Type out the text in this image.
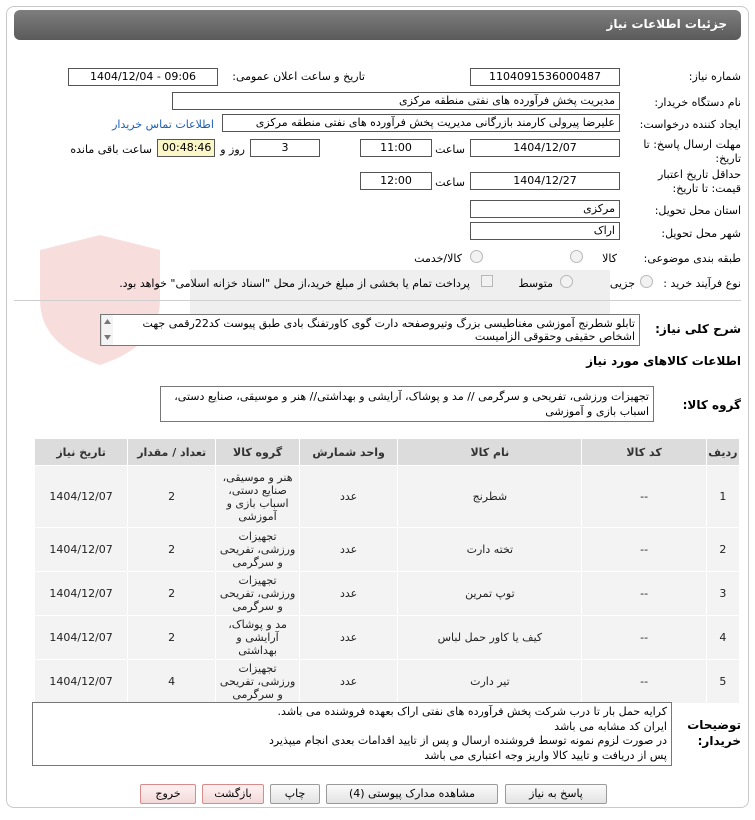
جزئیات اطلاعات نیاز
شماره نیاز:
1104091536000487
تاریخ و ساعت اعلان عمومی:
1404/12/04 - 09:06
نام دستگاه خریدار:
مدیریت پخش فرآورده های نفتی منطقه مرکزی
ایجاد کننده درخواست:
علیرضا پیرولی کارمند بازرگانی مدیریت پخش فرآورده های نفتی منطقه مرکزی
اطلاعات تماس خریدار
مهلت ارسال پاسخ: تا
تاریخ:
1404/12/07
ساعت
11:00
3
روز و
00:48:46
ساعت باقی مانده
حداقل تاریخ اعتبار
قیمت: تا تاریخ:
1404/12/27
ساعت
12:00
استان محل تحویل:
مرکزی
شهر محل تحویل:
اراک
طبقه بندی موضوعی:
کالا
کالا/خدمت
نوع فرآیند خرید :
جزیی
متوسط
پرداخت تمام یا بخشی از مبلغ خرید،از محل "اسناد خزانه اسلامی" خواهد بود.
شرح کلی نیاز:
تابلو شطرنج آموزشی مغناطیسی بزرگ وتیروصفحه دارت گوی کاورتفنگ بادی طبق پیوست کد22رقمی جهت اشخاص حقیقی وحقوقی الزامیست
اطلاعات کالاهای مورد نیاز
گروه کالا:
تجهیزات ورزشی، تفریحی و سرگرمی // مد و پوشاک، آرایشی و بهداشتی// هنر و موسیقی، صنایع دستی، اسباب بازی و آموزشی
ردیف	کد کالا	نام کالا	واحد شمارش	گروه کالا	تعداد / مقدار	تاریخ نیاز
1	--	شطرنج	عدد	هنر و موسیقی، صنایع دستی، اسباب بازی و آموزشی	2	1404/12/07
2	--	تخته دارت	عدد	تجهیزات ورزشی، تفریحی و سرگرمی	2	1404/12/07
3	--	توپ تمرین	عدد	تجهیزات ورزشی، تفریحی و سرگرمی	2	1404/12/07
4	--	کیف یا کاور حمل لباس	عدد	مد و پوشاک، آرایشی و بهداشتی	2	1404/12/07
5	--	تیر دارت	عدد	تجهیزات ورزشی، تفریحی و سرگرمی	4	1404/12/07
توضیحات
خریدار:
کرایه حمل بار تا درب شرکت پخش فرآورده های نفتی اراک بعهده فروشنده می باشد.
ایران کد مشابه می باشد
در صورت لزوم نمونه توسط فروشنده ارسال و پس از تایید اقدامات بعدی انجام میپذیرد
پس از دریافت و تایید کالا واریز وجه اعتباری می باشد
پاسخ به نیاز
مشاهده مدارک پیوستی (4)
چاپ
بازگشت
خروج
